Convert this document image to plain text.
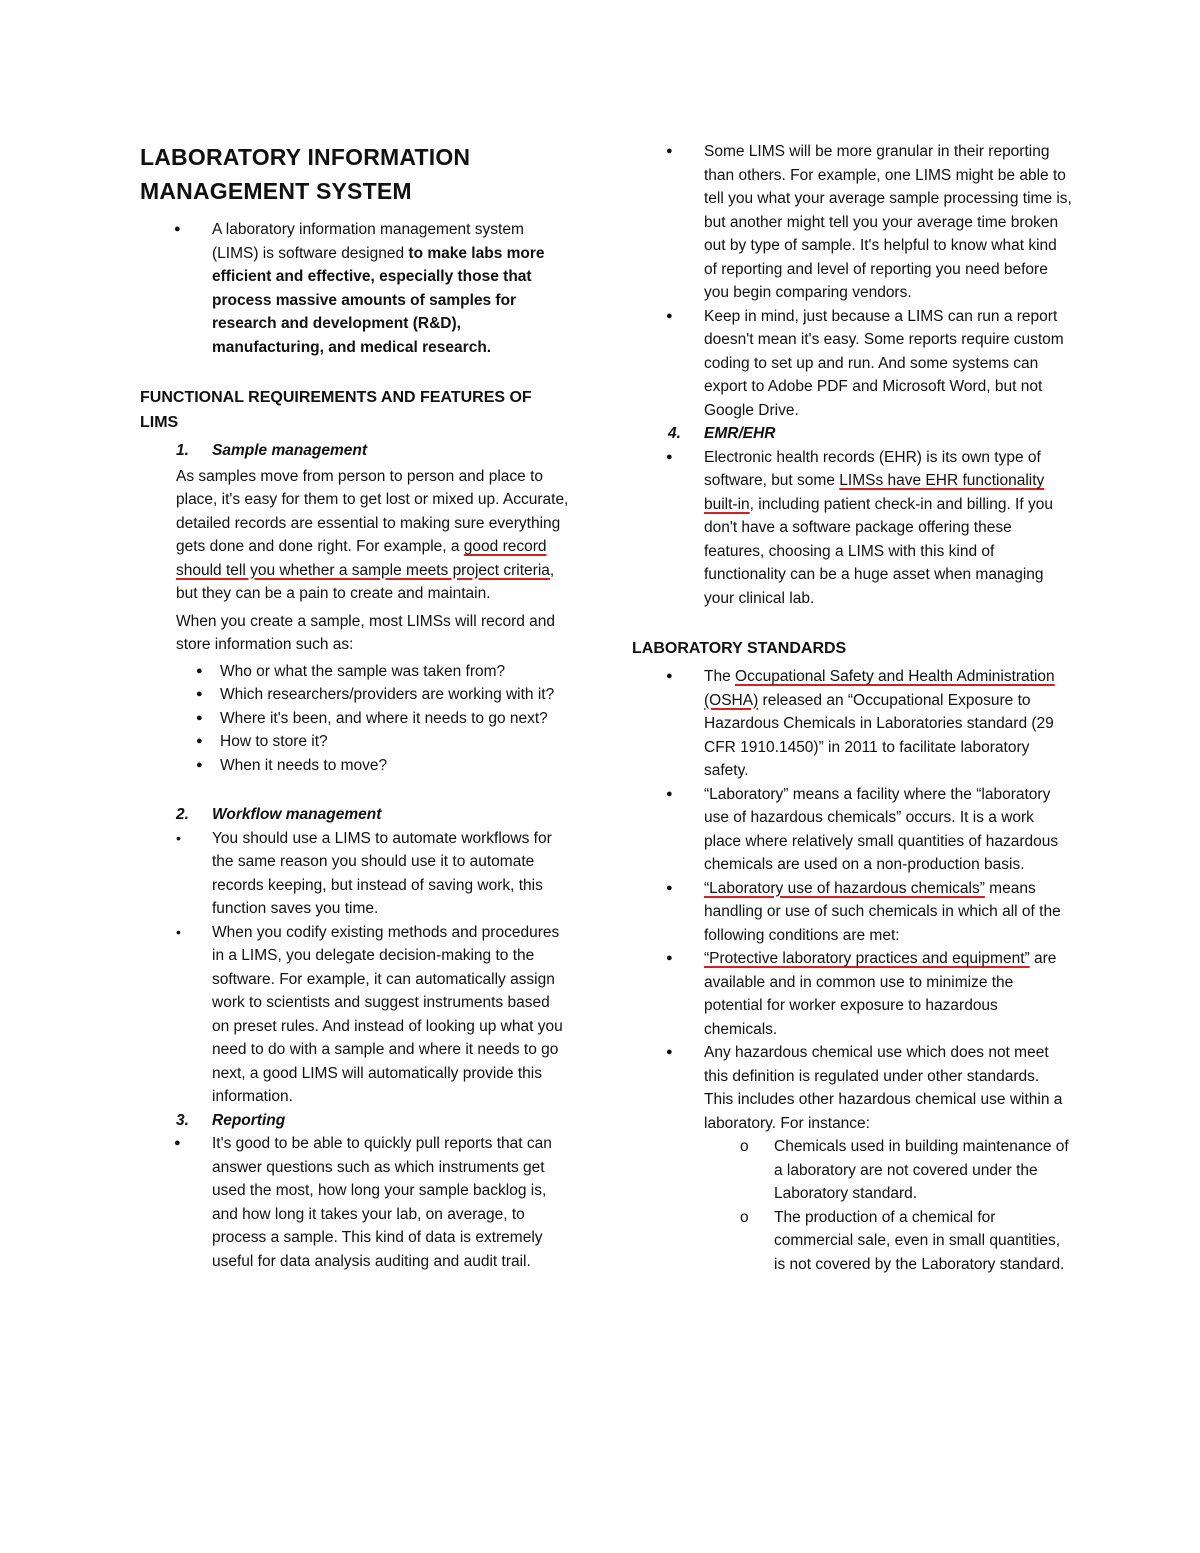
LABORATORY INFORMATION MANAGEMENT SYSTEM
● A laboratory information management system (LIMS) is software designed to make labs more efficient and effective, especially those that process massive amounts of samples for research and development (R&D), manufacturing, and medical research.
FUNCTIONAL REQUIREMENTS AND FEATURES OF LIMS
1. Sample management

As samples move from person to person and place to place, it's easy for them to get lost or mixed up. Accurate, detailed records are essential to making sure everything gets done and done right. For example, a good record should tell you whether a sample meets project criteria, but they can be a pain to create and maintain.

When you create a sample, most LIMSs will record and store information such as:

● Who or what the sample was taken from?
● Which researchers/providers are working with it?
● Where it's been, and where it needs to go next?
● How to store it?
● When it needs to move?
2. Workflow management
• You should use a LIMS to automate workflows for the same reason you should use it to automate records keeping, but instead of saving work, this function saves you time.
• When you codify existing methods and procedures in a LIMS, you delegate decision-making to the software. For example, it can automatically assign work to scientists and suggest instruments based on preset rules. And instead of looking up what you need to do with a sample and where it needs to go next, a good LIMS will automatically provide this information.
3. Reporting
● It's good to be able to quickly pull reports that can answer questions such as which instruments get used the most, how long your sample backlog is, and how long it takes your lab, on average, to process a sample. This kind of data is extremely useful for data analysis auditing and audit trail.
● Some LIMS will be more granular in their reporting than others. For example, one LIMS might be able to tell you what your average sample processing time is, but another might tell you your average time broken out by type of sample. It's helpful to know what kind of reporting and level of reporting you need before you begin comparing vendors.
● Keep in mind, just because a LIMS can run a report doesn't mean it's easy. Some reports require custom coding to set up and run. And some systems can export to Adobe PDF and Microsoft Word, but not Google Drive.
4. EMR/EHR
● Electronic health records (EHR) is its own type of software, but some LIMSs have EHR functionality built-in, including patient check-in and billing. If you don't have a software package offering these features, choosing a LIMS with this kind of functionality can be a huge asset when managing your clinical lab.
LABORATORY STANDARDS
● The Occupational Safety and Health Administration (OSHA) released an “Occupational Exposure to Hazardous Chemicals in Laboratories standard (29 CFR 1910.1450)” in 2011 to facilitate laboratory safety.
● “Laboratory” means a facility where the “laboratory use of hazardous chemicals” occurs. It is a work place where relatively small quantities of hazardous chemicals are used on a non-production basis.
● “Laboratory use of hazardous chemicals” means handling or use of such chemicals in which all of the following conditions are met:
● “Protective laboratory practices and equipment” are available and in common use to minimize the potential for worker exposure to hazardous chemicals.
● Any hazardous chemical use which does not meet this definition is regulated under other standards. This includes other hazardous chemical use within a laboratory. For instance:
o Chemicals used in building maintenance of a laboratory are not covered under the Laboratory standard.
o The production of a chemical for commercial sale, even in small quantities, is not covered by the Laboratory standard.
